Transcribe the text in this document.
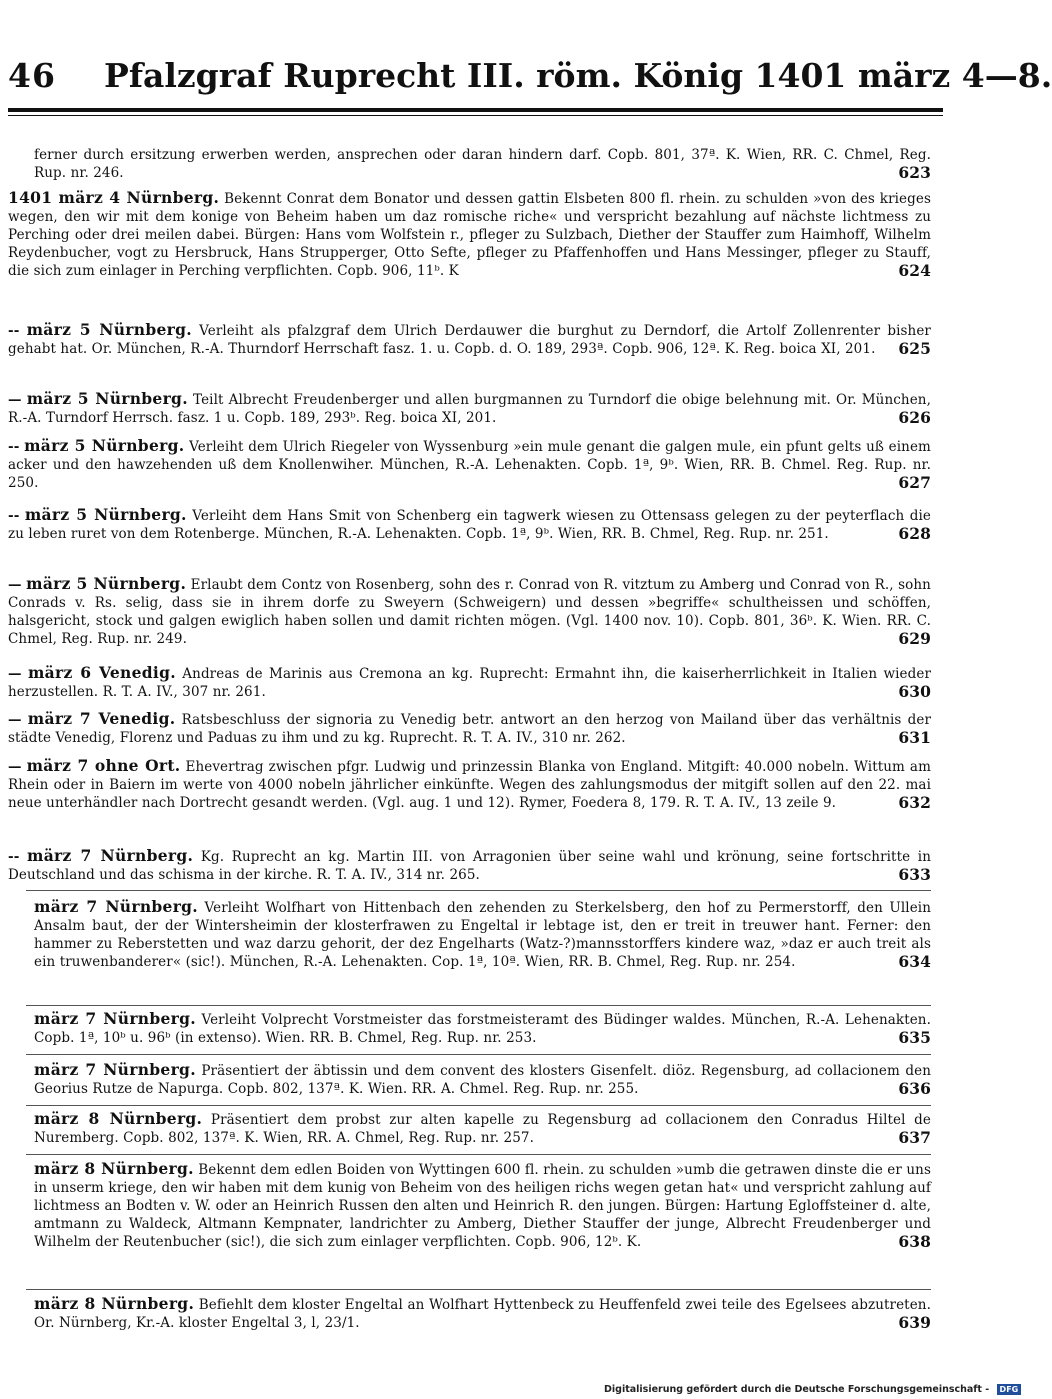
46 Pfalzgraf Ruprecht III. röm. König 1401 märz 4—8.
ferner durch ersitzung erwerben werden, ansprechen oder daran hindern darf. Copb. 801, 37ª. K. Wien, RR. C. Chmel, Reg. Rup. nr. 246.	623
1401 märz 4 Nürnberg. Bekennt Conrat dem Bonator und dessen gattin Elsbeten 800 fl. rhein. zu schulden »von des krieges wegen, den wir mit dem konige von Beheim haben um daz romische riche« und verspricht bezahlung auf nächste lichtmess zu Perching oder drei meilen dabei. Bürgen: Hans vom Wolfstein r., pfleger zu Sulzbach, Diether der Stauffer zum Haimhoff, Wilhelm Reydenbucher, vogt zu Hersbruck, Hans Strupperger, Otto Sefte, pfleger zu Pfaffenhoffen und Hans Messinger, pfleger zu Stauff, die sich zum einlager in Perching verpflichten. Copb. 906, 11ᵇ. K	624
-- märz 5 Nürnberg. Verleiht als pfalzgraf dem Ulrich Derdauwer die burghut zu Derndorf, die Artolf Zollenrenter bisher gehabt hat. Or. München, R.-A. Thurndorf Herrschaft fasz. 1. u. Copb. d. O. 189, 293ª. Copb. 906, 12ª. K. Reg. boica XI, 201. 625
— märz 5 Nürnberg. Teilt Albrecht Freudenberger und allen burgmannen zu Turndorf die obige belehnung mit. Or. München, R.-A. Turndorf Herrsch. fasz. 1 u. Copb. 189, 293ᵇ. Reg. boica XI, 201.	626
-- märz 5 Nürnberg. Verleiht dem Ulrich Riegeler von Wyssenburg »ein mule genant die galgen mule, ein pfunt gelts uß einem acker und den hawzehenden uß dem Knollenwiher. München, R.-A. Lehenakten. Copb. 1ª, 9ᵇ. Wien, RR. B. Chmel. Reg. Rup. nr. 250.	627
-- märz 5 Nürnberg. Verleiht dem Hans Smit von Schenberg ein tagwerk wiesen zu Ottensass gelegen zu der peyterflach die zu leben ruret von dem Rotenberge. München, R.-A. Lehenakten. Copb. 1ª, 9ᵇ. Wien, RR. B. Chmel, Reg. Rup. nr. 251.	628
— märz 5 Nürnberg. Erlaubt dem Contz von Rosenberg, sohn des r. Conrad von R. vitztum zu Amberg und Conrad von R., sohn Conrads v. Rs. selig, dass sie in ihrem dorfe zu Sweyern (Schweigern) und dessen »begriffe« schultheissen und schöffen, halsgericht, stock und galgen ewiglich haben sollen und damit richten mögen. (Vgl. 1400 nov. 10). Copb. 801, 36ᵇ. K. Wien. RR. C. Chmel, Reg. Rup. nr. 249.	629
— märz 6 Venedig. Andreas de Marinis aus Cremona an kg. Ruprecht: Ermahnt ihn, die kaiserherrlichkeit in Italien wieder herzustellen. R. T. A. IV., 307 nr. 261.	630
— märz 7 Venedig. Ratsbeschluss der signoria zu Venedig betr. antwort an den herzog von Mailand über das verhältnis der städte Venedig, Florenz und Paduas zu ihm und zu kg. Ruprecht. R. T. A. IV., 310 nr. 262.	631
— märz 7 ohne Ort. Ehevertrag zwischen pfgr. Ludwig und prinzessin Blanka von England. Mitgift: 40.000 nobeln. Wittum am Rhein oder in Baiern im werte von 4000 nobeln jährlicher einkünfte. Wegen des zahlungsmodus der mitgift sollen auf den 22. mai neue unterhändler nach Dortrecht gesandt werden. (Vgl. aug. 1 und 12). Rymer, Foedera 8, 179. R. T. A. IV., 13 zeile 9.	632
-- märz 7 Nürnberg. Kg. Ruprecht an kg. Martin III. von Arragonien über seine wahl und krönung, seine fortschritte in Deutschland und das schisma in der kirche. R. T. A. IV., 314 nr. 265.	633
märz 7 Nürnberg. Verleiht Wolfhart von Hittenbach den zehenden zu Sterkelsberg, den hof zu Permerstorff, den Ullein Ansalm baut, der der Wintersheimin der klosterfrawen zu Engeltal ir lebtage ist, den er treit in treuwer hant. Ferner: den hammer zu Reberstetten und waz darzu gehorit, der dez Engelharts (Watz-?)mannsstorffers kindere waz, »daz er auch treit als ein truwenbanderer« (sic!). München, R.-A. Lehenakten. Cop. 1ª, 10ª. Wien, RR. B. Chmel, Reg. Rup. nr. 254.	634
märz 7 Nürnberg. Verleiht Volprecht Vorstmeister das forstmeisteramt des Büdinger waldes. München, R.-A. Lehenakten. Copb. 1ª, 10ᵇ u. 96ᵇ (in extenso). Wien. RR. B. Chmel, Reg. Rup. nr. 253.	635
märz 7 Nürnberg. Präsentiert der äbtissin und dem convent des klosters Gisenfelt. diöz. Regensburg, ad collacionem den Georius Rutze de Napurga. Copb. 802, 137ª. K. Wien. RR. A. Chmel. Reg. Rup. nr. 255.	636
märz 8 Nürnberg. Präsentiert dem probst zur alten kapelle zu Regensburg ad collacionem den Conradus Hiltel de Nuremberg. Copb. 802, 137ª. K. Wien, RR. A. Chmel, Reg. Rup. nr. 257.	637
märz 8 Nürnberg. Bekennt dem edlen Boiden von Wyttingen 600 fl. rhein. zu schulden »umb die getrawen dinste die er uns in unserm kriege, den wir haben mit dem kunig von Beheim von des heiligen richs wegen getan hat« und verspricht zahlung auf lichtmess an Bodten v. W. oder an Heinrich Russen den alten und Heinrich R. den jungen. Bürgen: Hartung Egloffsteiner d. alte, amtmann zu Waldeck, Altmann Kempnater, landrichter zu Amberg, Diether Stauffer der junge, Albrecht Freudenberger und Wilhelm der Reutenbucher (sic!), die sich zum einlager verpflichten. Copb. 906, 12ᵇ. K.	638
märz 8 Nürnberg. Befiehlt dem kloster Engeltal an Wolfhart Hyttenbeck zu Heuffenfeld zwei teile des Egelsees abzutreten. Or. Nürnberg, Kr.-A. kloster Engeltal 3, l, 23/1.	639
Digitalisierung gefördert durch die Deutsche Forschungsgemeinschaft - DFG
